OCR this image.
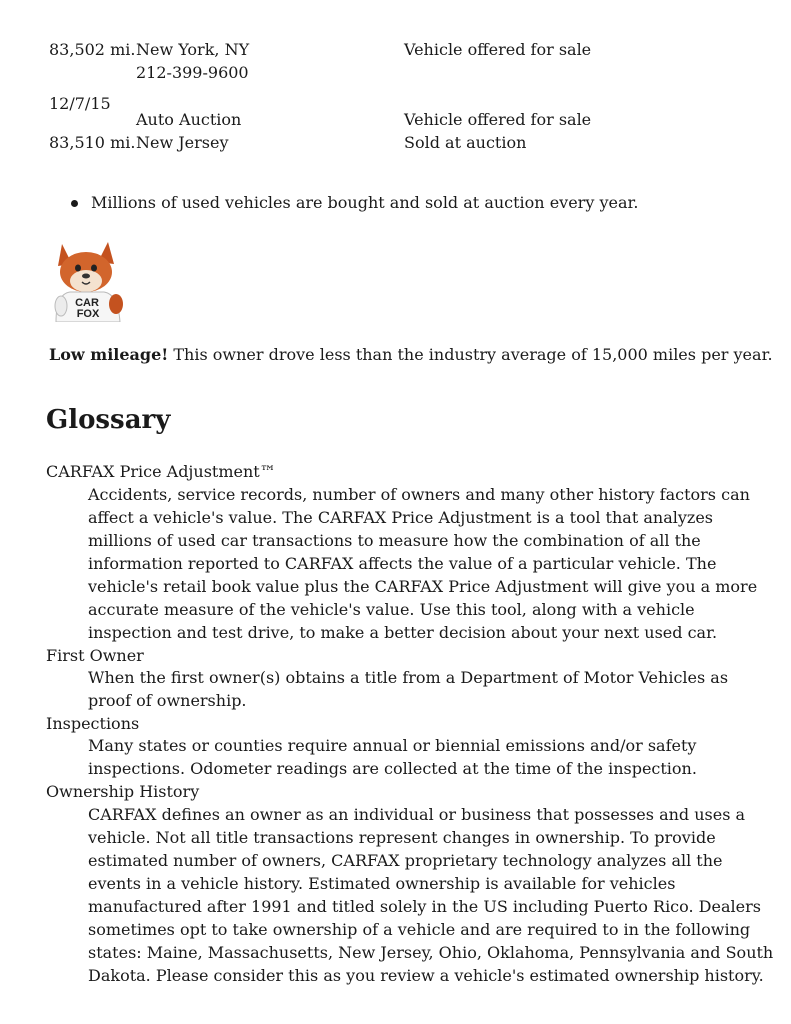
83,502 mi. New York, NY
212-399-9600
Vehicle offered for sale
12/7/15
Auto Auction
New Jersey
83,510 mi.
Vehicle offered for sale
Sold at auction
Millions of used vehicles are bought and sold at auction every year.
CAR
FOX
Low mileage! This owner drove less than the industry average of 15,000 miles per year.
Glossary
CARFAX Price Adjustment™
Accidents, service records, number of owners and many other history factors can
affect a vehicle's value. The CARFAX Price Adjustment is a tool that analyzes
millions of used car transactions to measure how the combination of all the
information reported to CARFAX affects the value of a particular vehicle. The
vehicle's retail book value plus the CARFAX Price Adjustment will give you a more
accurate measure of the vehicle's value. Use this tool, along with a vehicle
inspection and test drive, to make a better decision about your next used car.
First Owner
When the first owner(s) obtains a title from a Department of Motor Vehicles as
proof of ownership.
Inspections
Many states or counties require annual or biennial emissions and/or safety
inspections. Odometer readings are collected at the time of the inspection.
Ownership History
CARFAX defines an owner as an individual or business that possesses and uses a
vehicle. Not all title transactions represent changes in ownership. To provide
estimated number of owners, CARFAX proprietary technology analyzes all the
events in a vehicle history. Estimated ownership is available for vehicles
manufactured after 1991 and titled solely in the US including Puerto Rico. Dealers
sometimes opt to take ownership of a vehicle and are required to in the following
states: Maine, Massachusetts, New Jersey, Ohio, Oklahoma, Pennsylvania and South
Dakota. Please consider this as you review a vehicle's estimated ownership history.
